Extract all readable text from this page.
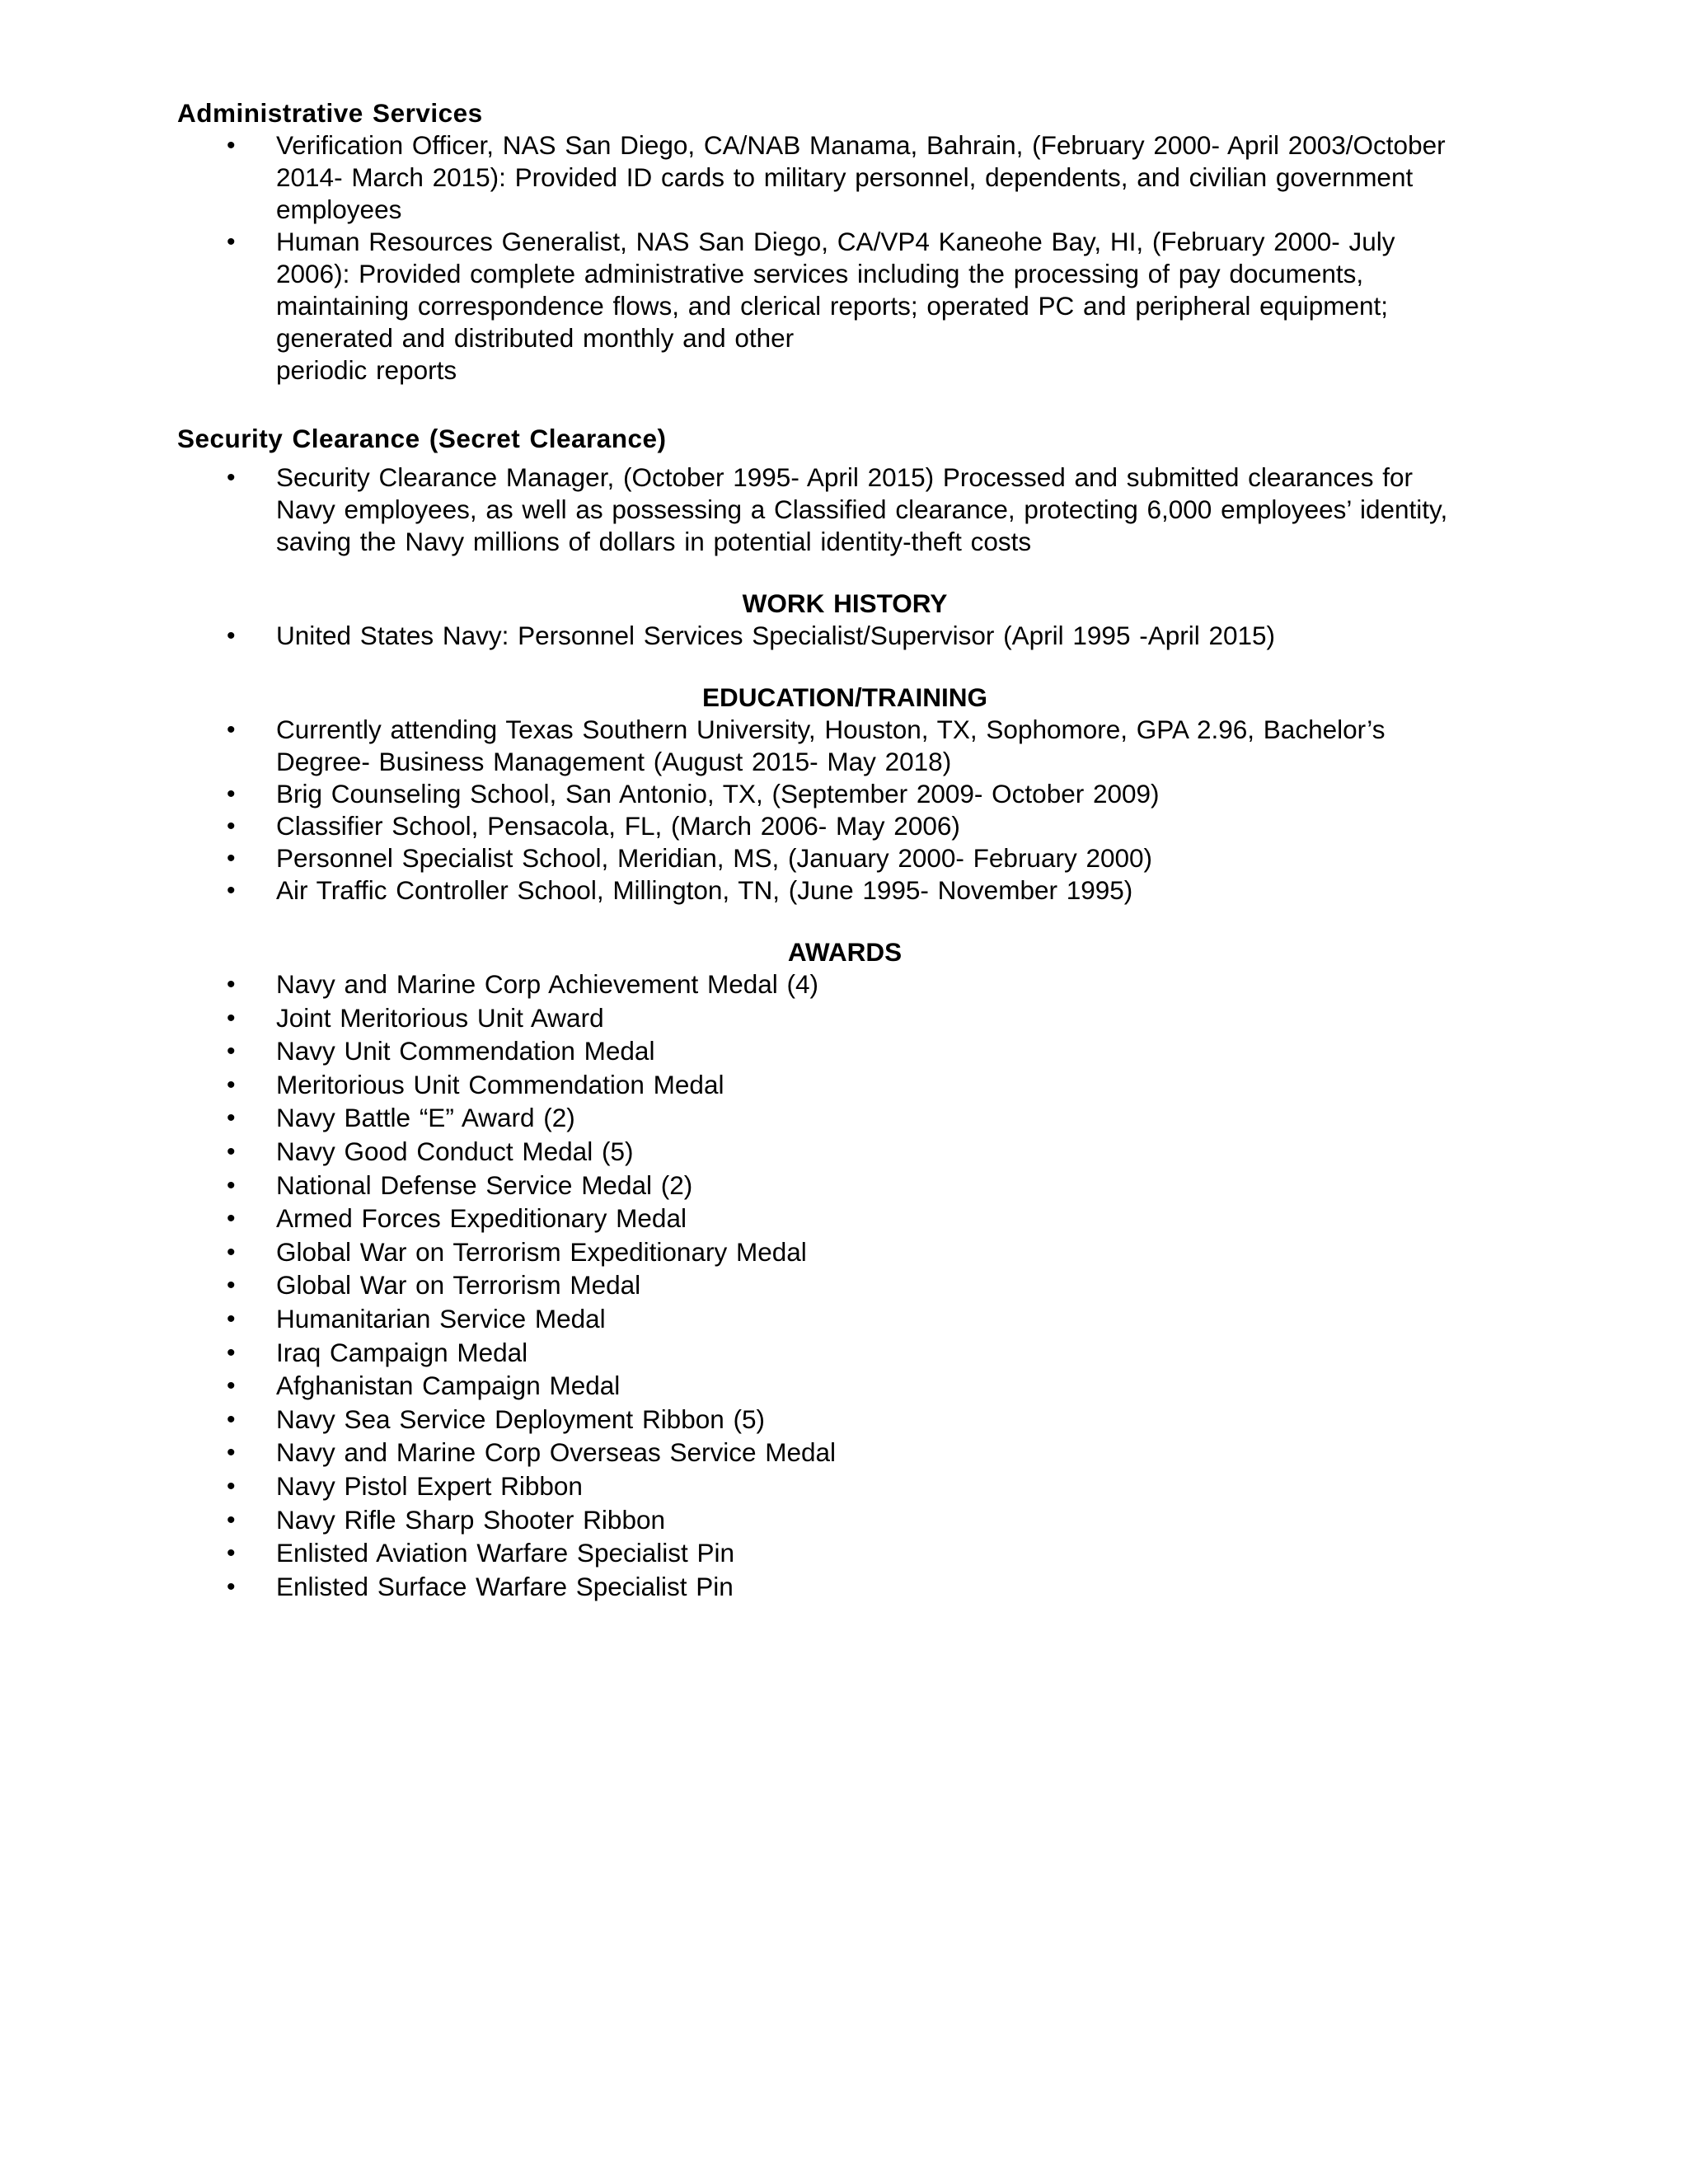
Administrative Services

• Verification Officer, NAS San Diego, CA/NAB Manama, Bahrain, (February 2000- April 2003/October
2014- March 2015): Provided ID cards to military personnel, dependents, and civilian government
employees
• Human Resources Generalist, NAS San Diego, CA/VP4 Kaneohe Bay, HI, (February 2000- July
2006): Provided complete administrative services including the processing of pay documents,
maintaining correspondence flows, and clerical reports; operated PC and peripheral equipment;
generated and distributed monthly and other
periodic reports

Security Clearance (Secret Clearance)

• Security Clearance Manager, (October 1995- April 2015) Processed and submitted clearances for
Navy employees, as well as possessing a Classified clearance, protecting 6,000 employees’ identity,
saving the Navy millions of dollars in potential identity-theft costs

WORK HISTORY

• United States Navy: Personnel Services Specialist/Supervisor (April 1995 -April 2015)

EDUCATION/TRAINING

• Currently attending Texas Southern University, Houston, TX, Sophomore, GPA 2.96, Bachelor’s
Degree- Business Management (August 2015- May 2018)
• Brig Counseling School, San Antonio, TX, (September 2009- October 2009)
• Classifier School, Pensacola, FL, (March 2006- May 2006)
• Personnel Specialist School, Meridian, MS, (January 2000- February 2000)
• Air Traffic Controller School, Millington, TN, (June 1995- November 1995)

AWARDS

• Navy and Marine Corp Achievement Medal (4)
• Joint Meritorious Unit Award
• Navy Unit Commendation Medal
• Meritorious Unit Commendation Medal
• Navy Battle “E” Award (2)
• Navy Good Conduct Medal (5)
• National Defense Service Medal (2)
• Armed Forces Expeditionary Medal
• Global War on Terrorism Expeditionary Medal
• Global War on Terrorism Medal
• Humanitarian Service Medal
• Iraq Campaign Medal
• Afghanistan Campaign Medal
• Navy Sea Service Deployment Ribbon (5)
• Navy and Marine Corp Overseas Service Medal
• Navy Pistol Expert Ribbon
• Navy Rifle Sharp Shooter Ribbon
• Enlisted Aviation Warfare Specialist Pin
• Enlisted Surface Warfare Specialist Pin
